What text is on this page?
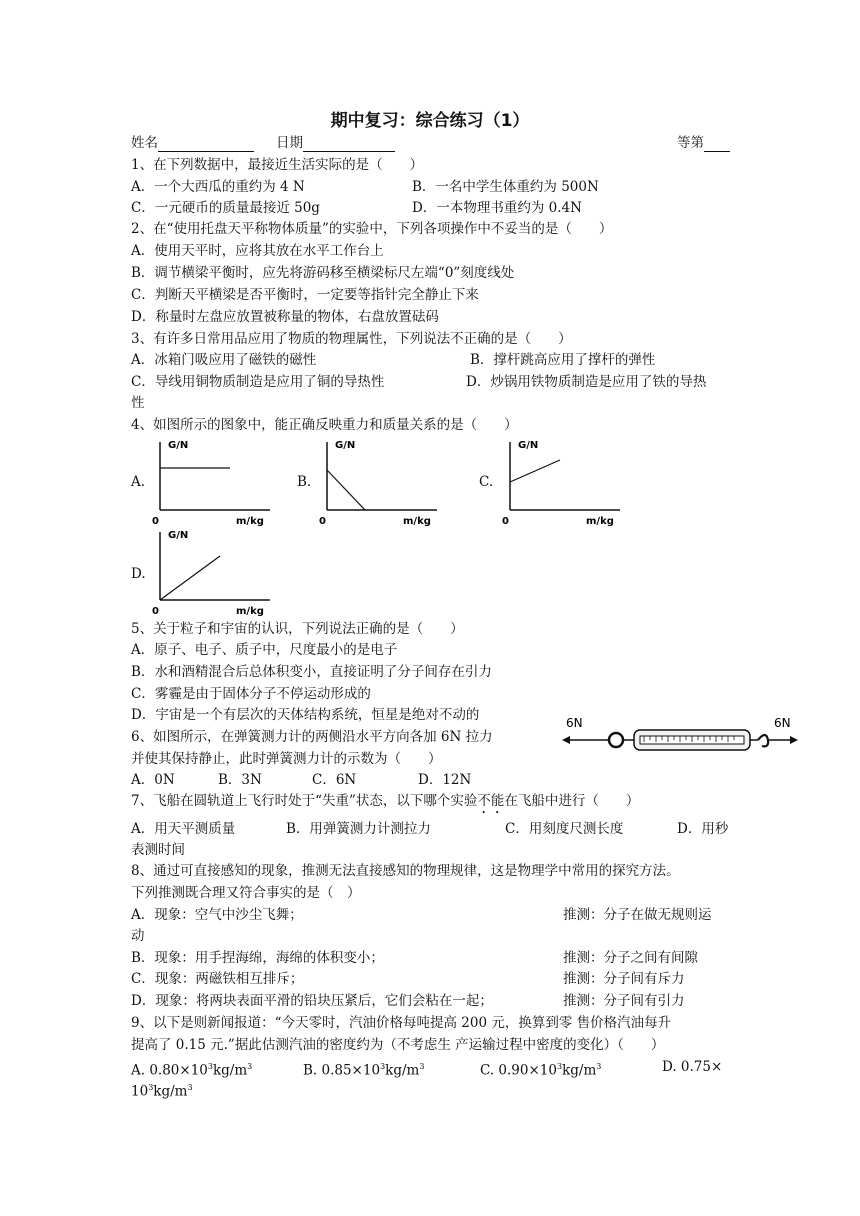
期中复习：综合练习（1）
姓名	日期	等第
1、在下列数据中，最接近生活实际的是（　　）
A．一个大西瓜的重约为 4 N	B．一名中学生体重约为 500N
C．一元硬币的质量最接近 50g	D．一本物理书重约为 0.4N
2、在“使用托盘天平称物体质量”的实验中，下列各项操作中不妥当的是（　　）
A．使用天平时，应将其放在水平工作台上
B．调节横梁平衡时，应先将游码移至横梁标尺左端“0”刻度线处
C．判断天平横梁是否平衡时，一定要等指针完全静止下来
D．称量时左盘应放置被称量的物体，右盘放置砝码
3、有许多日常用品应用了物质的物理属性，下列说法不正确的是（　　）
A．冰箱门吸应用了磁铁的磁性	B．撑杆跳高应用了撑杆的弹性
C．导线用铜物质制造是应用了铜的导热性	D．炒锅用铁物质制造是应用了铁的导热
性
4、如图所示的图象中，能正确反映重力和质量关系的是（　　）
A.	B.	C.
D.
G/N
m/kg
0
G/N
m/kg
0
G/N
m/kg
0
G/N
m/kg
0
5、关于粒子和宇宙的认识，下列说法正确的是（　　）
A．原子、电子、质子中，尺度最小的是电子
B．水和酒精混合后总体积变小，直接证明了分子间存在引力
C．雾霾是由于固体分子不停运动形成的
D．宇宙是一个有层次的天体结构系统，恒星是绝对不动的
6、如图所示，在弹簧测力计的两侧沿水平方向各加 6N 拉力
并使其保持静止，此时弹簧测力计的示数为（　　）
A．0N	B．3N	C．6N	D．12N
6N	6N
7、飞船在圆轨道上飞行时处于“失重”状态，以下哪个实验不能在飞船中进行（　　）
A．用天平测质量	B．用弹簧测力计测拉力	C．用刻度尺测长度	D．用秒
表测时间
8、通过可直接感知的现象，推测无法直接感知的物理规律，这是物理学中常用的探究方法。
下列推测既合理又符合事实的是（　）
A．现象：空气中沙尘飞舞；	推测：分子在做无规则运
动
B．现象：用手捏海绵，海绵的体积变小；	推测：分子之间有间隙
C．现象：两磁铁相互排斥；	推测：分子间有斥力
D．现象：将两块表面平滑的铅块压紧后，它们会粘在一起；	推测：分子间有引力
9、以下是则新闻报道：“今天零时，汽油价格每吨提高 200 元，换算到零 售价格汽油每升
提高了 0.15 元.”据此估测汽油的密度约为（不考虑生 产运输过程中密度的变化）（　　）
A. $0.80\times 10^3kg/m^3$	B. $0.85\times 10^3kg/m^3$	C. $0.90\times 10^3kg/m^3$	D. 0.75×
$10^3kg/m^3$
